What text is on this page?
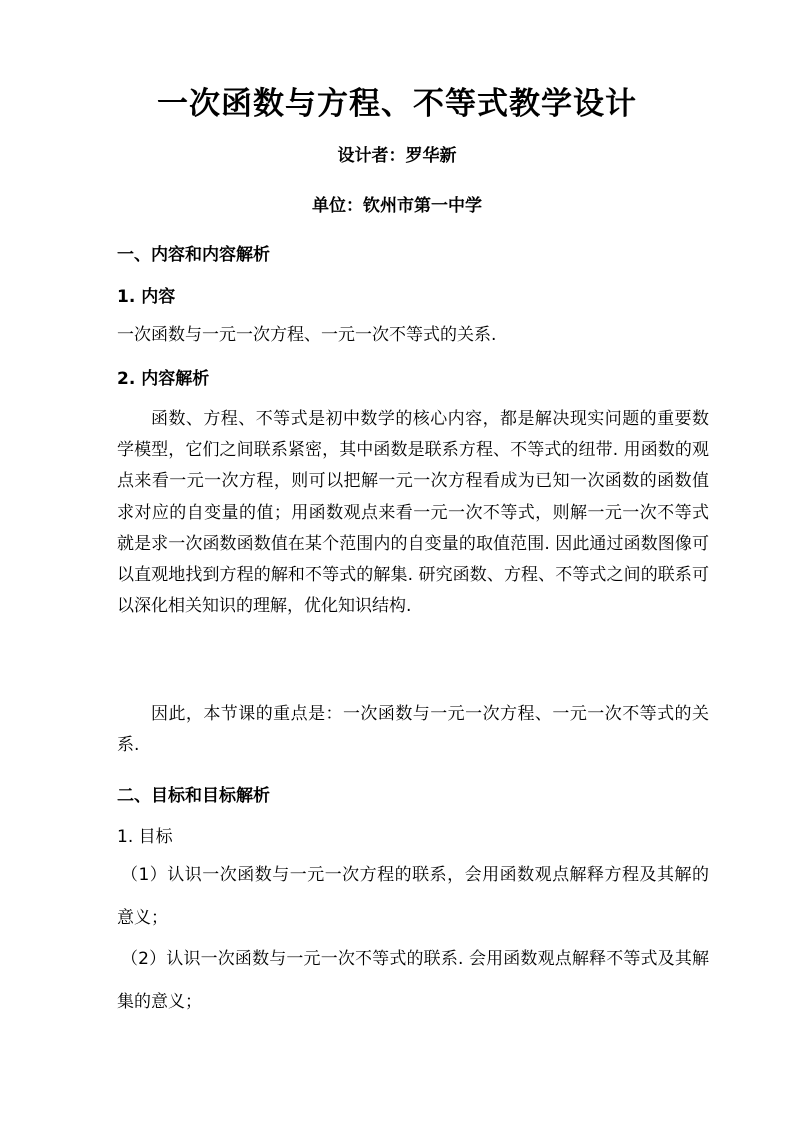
一次函数与方程、不等式教学设计
设计者：罗华新
单位：钦州市第一中学
一、内容和内容解析
1. 内容
一次函数与一元一次方程、一元一次不等式的关系.
2. 内容解析

函数、方程、不等式是初中数学的核心内容，都是解决现实问题的重要数学模型，它们之间联系紧密，其中函数是联系方程、不等式的纽带. 用函数的观点来看一元一次方程，则可以把解一元一次方程看成为已知一次函数的函数值求对应的自变量的值；用函数观点来看一元一次不等式，则解一元一次不等式就是求一次函数函数值在某个范围内的自变量的取值范围. 因此通过函数图像可以直观地找到方程的解和不等式的解集. 研究函数、方程、不等式之间的联系可以深化相关知识的理解，优化知识结构.

因此，本节课的重点是：一次函数与一元一次方程、一元一次不等式的关系.

二、目标和目标解析
1. 目标

（1）认识一次函数与一元一次方程的联系，会用函数观点解释方程及其解的意义；

（2）认识一次函数与一元一次不等式的联系. 会用函数观点解释不等式及其解集的意义；
